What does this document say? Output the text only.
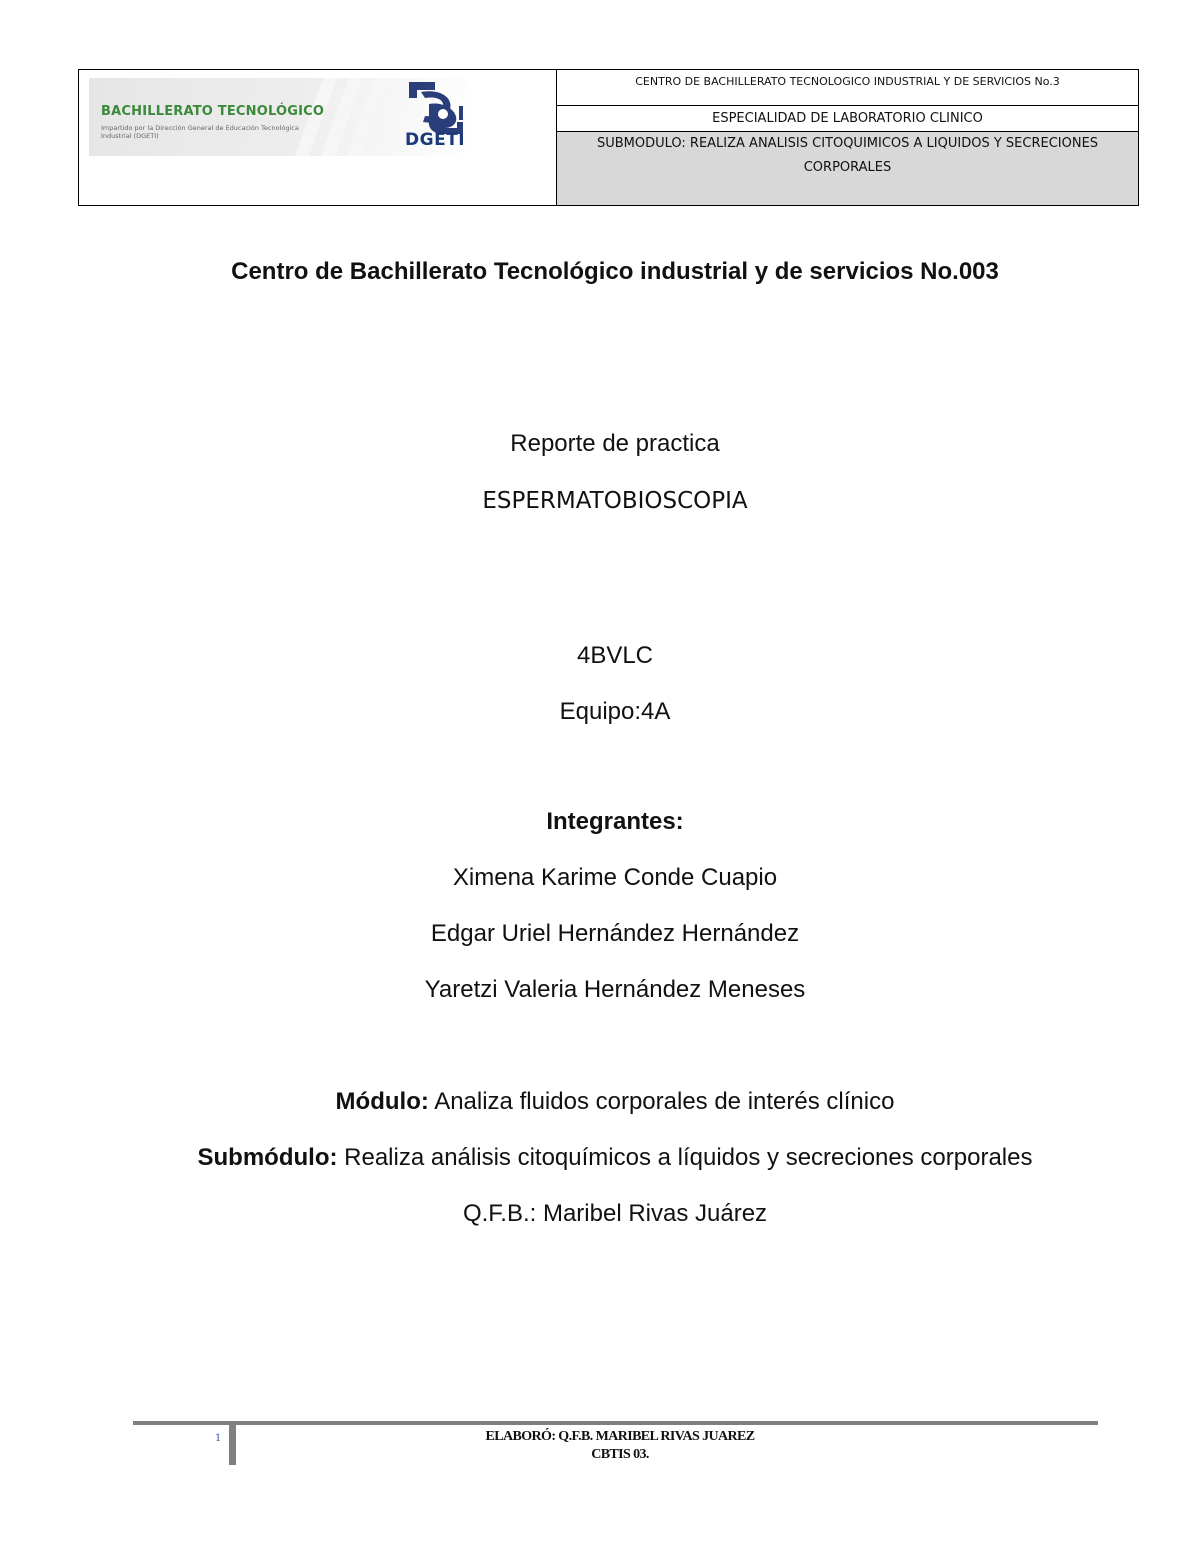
BACHILLERATO TECNOLÓGICO
Impartido por la Dirección General de Educación Tecnológica Industrial (DGETI)	DGETI
CENTRO DE BACHILLERATO TECNOLOGICO INDUSTRIAL Y DE SERVICIOS No.3
ESPECIALIDAD DE LABORATORIO CLINICO
SUBMODULO: REALIZA ANALISIS CITOQUIMICOS A LIQUIDOS Y SECRECIONES CORPORALES
Centro de Bachillerato Tecnológico industrial y de servicios No.003
Reporte de practica
ESPERMATOBIOSCOPIA
4BVLC
Equipo:4A
Integrantes:
Ximena Karime Conde Cuapio
Edgar Uriel Hernández Hernández
Yaretzi Valeria Hernández Meneses
Módulo: Analiza fluidos corporales de interés clínico
Submódulo: Realiza análisis citoquímicos a líquidos y secreciones corporales
Q.F.B.: Maribel Rivas Juárez
1	ELABORÓ: Q.F.B. MARIBEL RIVAS JUAREZ
CBTIS 03.
